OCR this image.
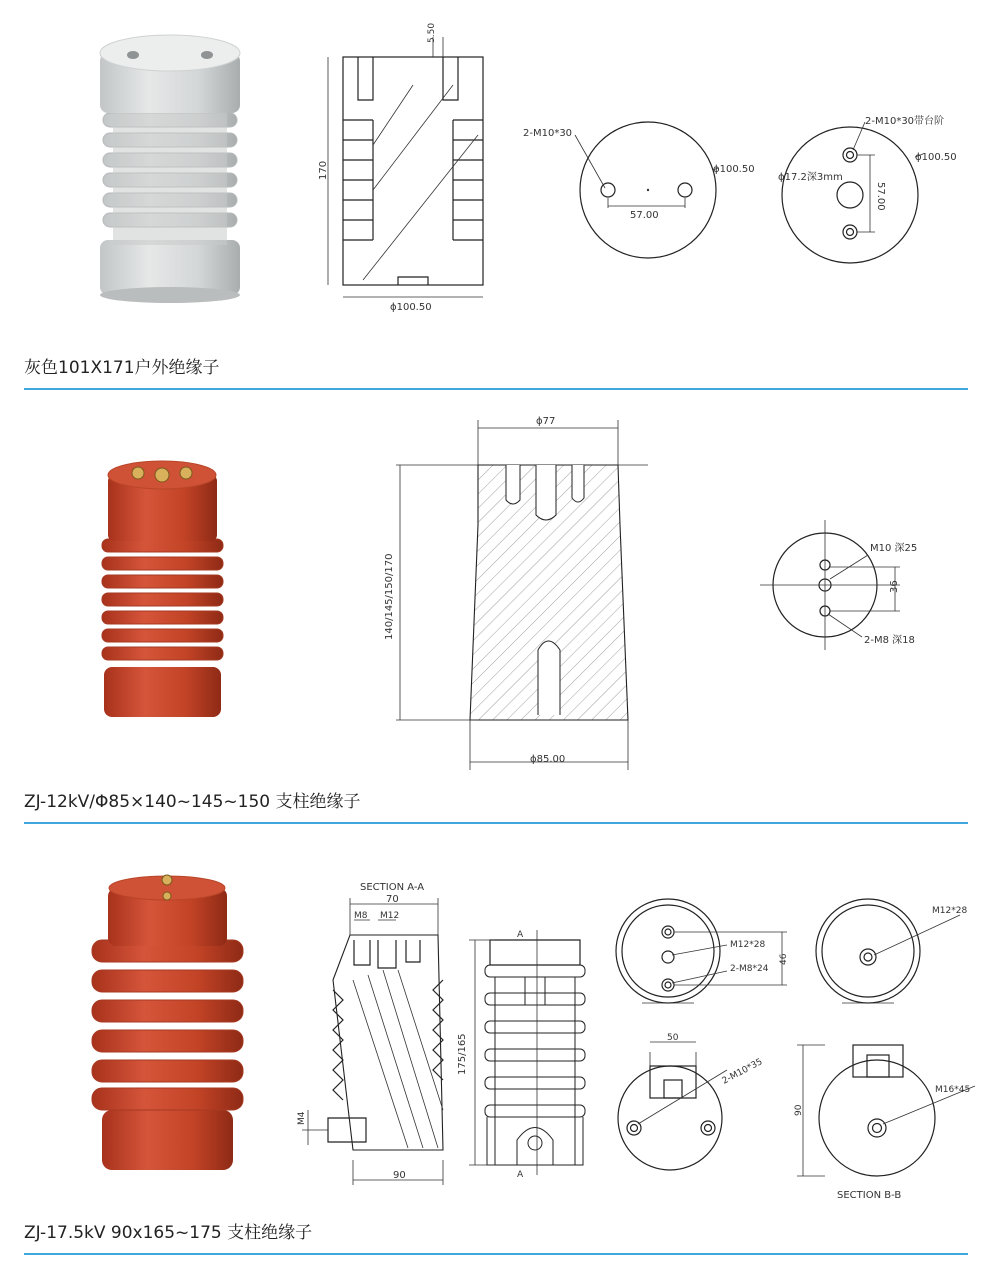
5.50
170
ɸ100.50
2-M10*30
ɸ100.50
57.00
2-M10*30带台阶
ɸ100.50
ɸ17.2深3mm
57.00
灰色101X171户外绝缘子
ɸ77
140/145/150/170
ɸ85.00
M10 深25
36
2-M8 深18
ZJ-12kV/Φ85×140~145~150 支柱绝缘子
SECTION A-A
70
M8 M12
M4
90
A
A
175/165
M12*28
2-M8*24
46
M12*28
50
2-M10*35
M16*45
90
SECTION B-B
ZJ-17.5kV 90x165~175 支柱绝缘子
